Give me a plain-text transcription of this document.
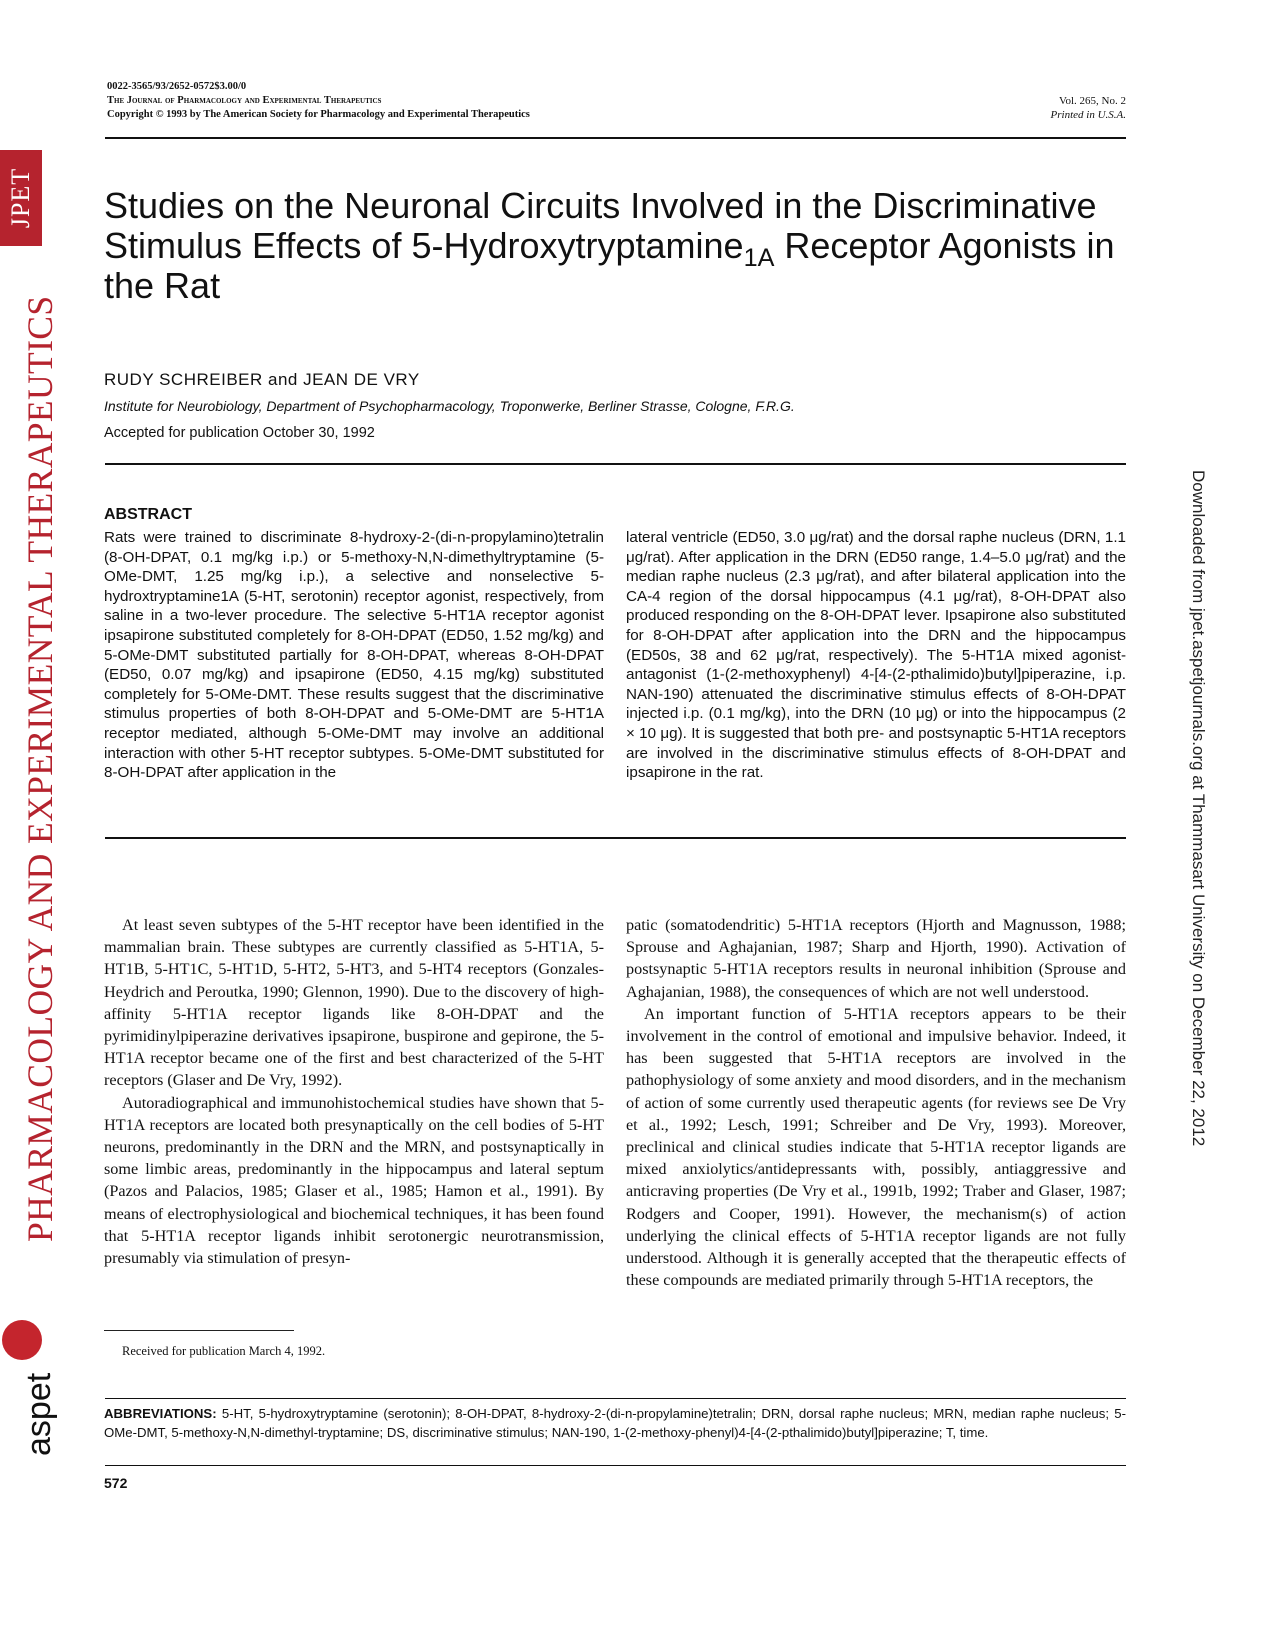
JPET
PHARMACOLOGY AND EXPERIMENTAL THERAPEUTICS
aspet
Downloaded from jpet.aspetjournals.org at Thammasart University on December 22, 2012
0022-3565/93/2652-0572$3.00/0
The Journal of Pharmacology and Experimental Therapeutics
Copyright © 1993 by The American Society for Pharmacology and Experimental Therapeutics
Vol. 265, No. 2
Printed in U.S.A.
Studies on the Neuronal Circuits Involved in the Discriminative
Stimulus Effects of 5-Hydroxytryptamine$_{1A}$ Receptor Agonists in
the Rat
RUDY SCHREIBER and JEAN DE VRY
Institute for Neurobiology, Department of Psychopharmacology, Troponwerke, Berliner Strasse, Cologne, F.R.G.
Accepted for publication October 30, 1992
ABSTRACT

Rats were trained to discriminate 8-hydroxy-2-(di-n-propylamino)tetralin (8-OH-DPAT, 0.1 mg/kg i.p.) or 5-methoxy-N,N-dimethyltryptamine (5-OMe-DMT, 1.25 mg/kg i.p.), a selective and nonselective 5-hydroxtryptamine1A (5-HT, serotonin) receptor agonist, respectively, from saline in a two-lever procedure. The selective 5-HT1A receptor agonist ipsapirone substituted completely for 8-OH-DPAT (ED50, 1.52 mg/kg) and 5-OMe-DMT substituted partially for 8-OH-DPAT, whereas 8-OH-DPAT (ED50, 0.07 mg/kg) and ipsapirone (ED50, 4.15 mg/kg) substituted completely for 5-OMe-DMT. These results suggest that the discriminative stimulus properties of both 8-OH-DPAT and 5-OMe-DMT are 5-HT1A receptor mediated, although 5-OMe-DMT may involve an additional interaction with other 5-HT receptor subtypes. 5-OMe-DMT substituted for 8-OH-DPAT after application in the

lateral ventricle (ED50, 3.0 μg/rat) and the dorsal raphe nucleus (DRN, 1.1 μg/rat). After application in the DRN (ED50 range, 1.4–5.0 μg/rat) and the median raphe nucleus (2.3 μg/rat), and after bilateral application into the CA-4 region of the dorsal hippocampus (4.1 μg/rat), 8-OH-DPAT also produced responding on the 8-OH-DPAT lever. Ipsapirone also substituted for 8-OH-DPAT after application into the DRN and the hippocampus (ED50s, 38 and 62 μg/rat, respectively). The 5-HT1A mixed agonist-antagonist (1-(2-methoxyphenyl) 4-[4-(2-pthalimido)butyl]piperazine, i.p. NAN-190) attenuated the discriminative stimulus effects of 8-OH-DPAT injected i.p. (0.1 mg/kg), into the DRN (10 μg) or into the hippocampus (2 × 10 μg). It is suggested that both pre- and postsynaptic 5-HT1A receptors are involved in the discriminative stimulus effects of 8-OH-DPAT and ipsapirone in the rat.

At least seven subtypes of the 5-HT receptor have been identified in the mammalian brain. These subtypes are currently classified as 5-HT1A, 5-HT1B, 5-HT1C, 5-HT1D, 5-HT2, 5-HT3, and 5-HT4 receptors (Gonzales-Heydrich and Peroutka, 1990; Glennon, 1990). Due to the discovery of high-affinity 5-HT1A receptor ligands like 8-OH-DPAT and the pyrimidinylpiperazine derivatives ipsapirone, buspirone and gepirone, the 5-HT1A receptor became one of the first and best characterized of the 5-HT receptors (Glaser and De Vry, 1992).

Autoradiographical and immunohistochemical studies have shown that 5-HT1A receptors are located both presynaptically on the cell bodies of 5-HT neurons, predominantly in the DRN and the MRN, and postsynaptically in some limbic areas, predominantly in the hippocampus and lateral septum (Pazos and Palacios, 1985; Glaser et al., 1985; Hamon et al., 1991). By means of electrophysiological and biochemical techniques, it has been found that 5-HT1A receptor ligands inhibit serotonergic neurotransmission, presumably via stimulation of presyn-

patic (somatodendritic) 5-HT1A receptors (Hjorth and Magnusson, 1988; Sprouse and Aghajanian, 1987; Sharp and Hjorth, 1990). Activation of postsynaptic 5-HT1A receptors results in neuronal inhibition (Sprouse and Aghajanian, 1988), the consequences of which are not well understood.

An important function of 5-HT1A receptors appears to be their involvement in the control of emotional and impulsive behavior. Indeed, it has been suggested that 5-HT1A receptors are involved in the pathophysiology of some anxiety and mood disorders, and in the mechanism of action of some currently used therapeutic agents (for reviews see De Vry et al., 1992; Lesch, 1991; Schreiber and De Vry, 1993). Moreover, preclinical and clinical studies indicate that 5-HT1A receptor ligands are mixed anxiolytics/antidepressants with, possibly, antiaggressive and anticraving properties (De Vry et al., 1991b, 1992; Traber and Glaser, 1987; Rodgers and Cooper, 1991). However, the mechanism(s) of action underlying the clinical effects of 5-HT1A receptor ligands are not fully understood. Although it is generally accepted that the therapeutic effects of these compounds are mediated primarily through 5-HT1A receptors, the

Received for publication March 4, 1992.

ABBREVIATIONS: 5-HT, 5-hydroxytryptamine (serotonin); 8-OH-DPAT, 8-hydroxy-2-(di-n-propylamine)tetralin; DRN, dorsal raphe nucleus; MRN, median raphe nucleus; 5-OMe-DMT, 5-methoxy-N,N-dimethyl-tryptamine; DS, discriminative stimulus; NAN-190, 1-(2-methoxy-phenyl)4-[4-(2-pthalimido)butyl]piperazine; T, time.

572
